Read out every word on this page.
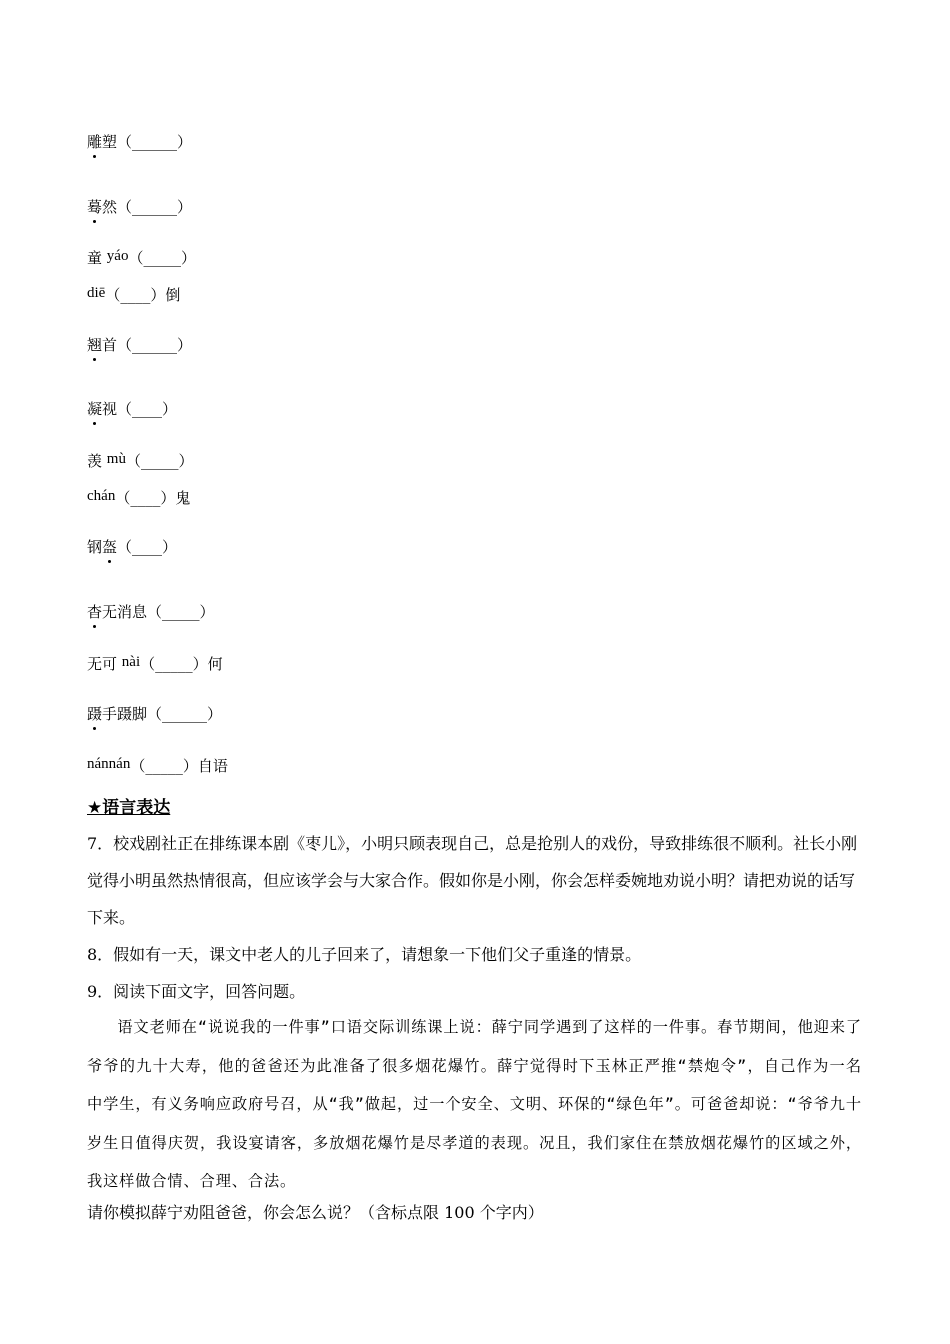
雕塑（______）
蓦然（______）
童 yáo（_____）
diē（____）倒
翘首（______）
凝视（____）
羡 mù（_____）
chán（____）鬼
钢盔（____）
杳无消息（_____）
无可 nài（_____）何
蹑手蹑脚（______）
nánnán（_____）自语
★语言表达
7．校戏剧社正在排练课本剧《枣儿》，小明只顾表现自己，总是抢别人的戏份，导致排练很不顺利。社长小刚觉得小明虽然热情很高，但应该学会与大家合作。假如你是小刚，你会怎样委婉地劝说小明？请把劝说的话写下来。
8．假如有一天，课文中老人的儿子回来了，请想象一下他们父子重逢的情景。
9．阅读下面文字，回答问题。
语文老师在“说说我的一件事”口语交际训练课上说：薛宁同学遇到了这样的一件事。春节期间，他迎来了爷爷的九十大寿，他的爸爸还为此准备了很多烟花爆竹。薛宁觉得时下玉林正严推“禁炮令”，自己作为一名中学生，有义务响应政府号召，从“我”做起，过一个安全、文明、环保的“绿色年”。可爸爸却说：“爷爷九十岁生日值得庆贺，我设宴请客，多放烟花爆竹是尽孝道的表现。况且，我们家住在禁放烟花爆竹的区域之外，我这样做合情、合理、合法。
请你模拟薛宁劝阻爸爸，你会怎么说？（含标点限 100 个字内）
